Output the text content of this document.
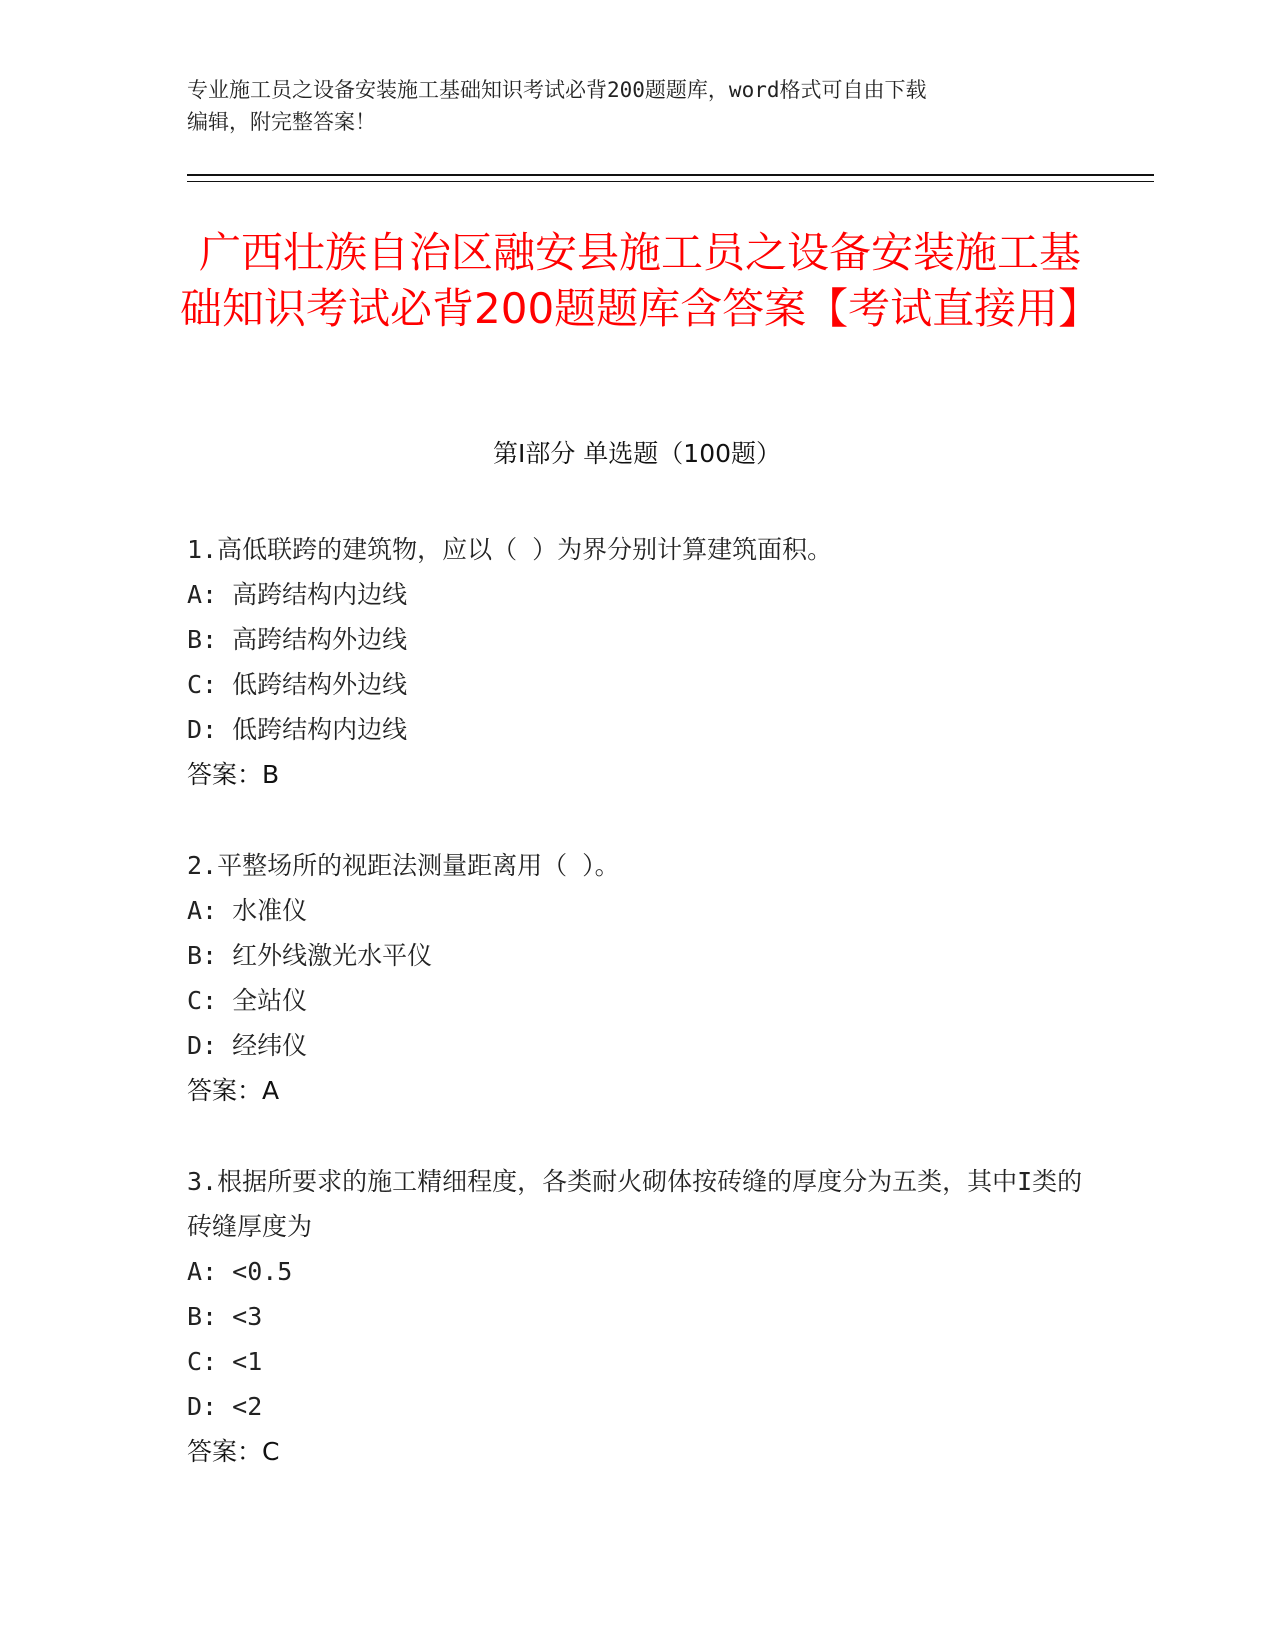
专业施工员之设备安装施工基础知识考试必背200题题库，word格式可自由下载
编辑，附完整答案！
广西壮族自治区融安县施工员之设备安装施工基础知识考试必背200题题库含答案【考试直接用】
第I部分 单选题（100题）

1.高低联跨的建筑物，应以（ ）为界分别计算建筑面积。

A: 高跨结构内边线

B: 高跨结构外边线

C: 低跨结构外边线

D: 低跨结构内边线

答案：B

2.平整场所的视距法测量距离用（ ）。

A: 水准仪

B: 红外线激光水平仪

C: 全站仪

D: 经纬仪

答案：A

3.根据所要求的施工精细程度，各类耐火砌体按砖缝的厚度分为五类，其中I类的砖缝厚度为

A: <0.5

B: <3

C: <1

D: <2

答案：C
